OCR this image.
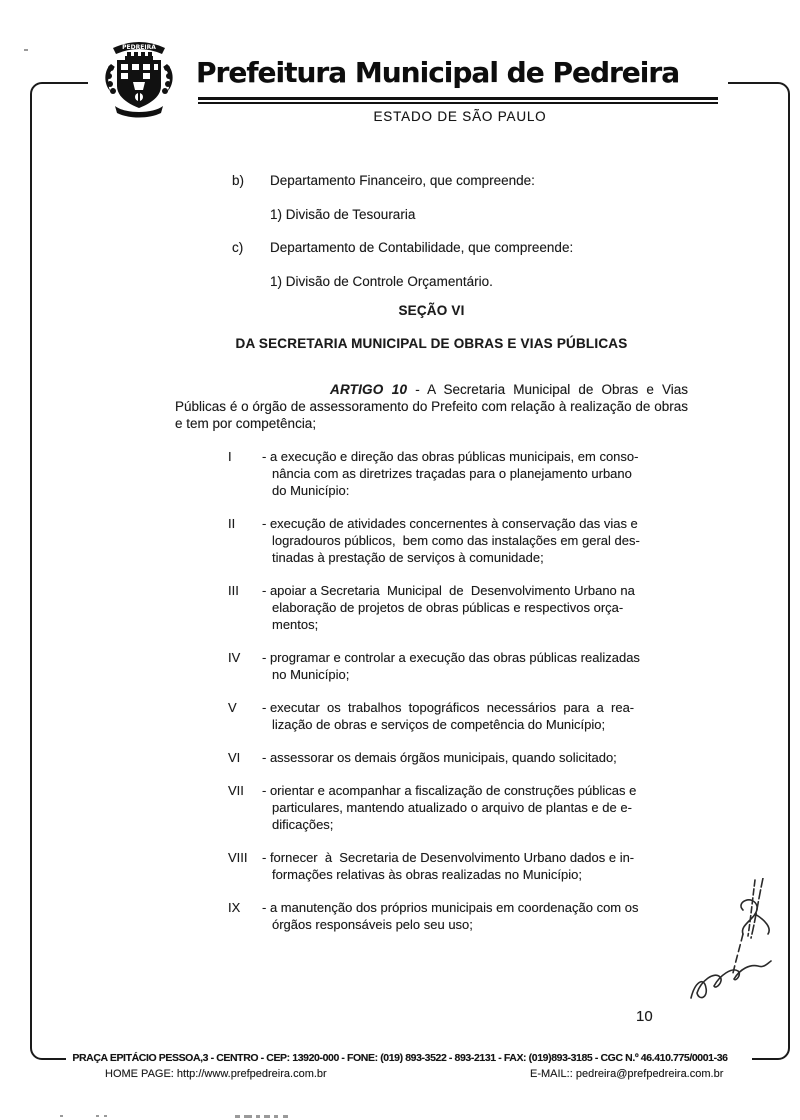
PEDREIRA
PEDREIRA
Prefeitura Municipal de Pedreira
ESTADO DE SÃO PAULO
b)	Departamento Financeiro, que compreende:
1) Divisão de Tesouraria
c)	Departamento de Contabilidade, que compreende:
1) Divisão de Controle Orçamentário.
SEÇÃO VI
DA SECRETARIA MUNICIPAL DE OBRAS E VIAS PÚBLICAS

ARTIGO 10 - A Secretaria Municipal de Obras e Vias Públicas é o órgão de assessoramento do Prefeito com relação à realização de obras e tem por competência;

I	- a execução e direção das obras públicas municipais, em conso-
nância com as diretrizes traçadas para o planejamento urbano
do Município:
II	- execução de atividades concernentes à conservação das vias e
logradouros públicos,  bem como das instalações em geral des-
tinadas à prestação de serviços à comunidade;
III	- apoiar a Secretaria  Municipal  de  Desenvolvimento Urbano na
elaboração de projetos de obras públicas e respectivos orça-
mentos;
IV	- programar e controlar a execução das obras públicas realizadas
no Município;
V	- executar  os  trabalhos  topográficos  necessários  para  a  rea-
lização de obras e serviços de competência do Município;
VI	- assessorar os demais órgãos municipais, quando solicitado;
VII	- orientar e acompanhar a fiscalização de construções públicas e
particulares, mantendo atualizado o arquivo de plantas e de e-
dificações;
VIII	- fornecer  à  Secretaria de Desenvolvimento Urbano dados e in-
formações relativas às obras realizadas no Município;
IX	- a manutenção dos próprios municipais em coordenação com os
órgãos responsáveis pelo seu uso;
10
PRAÇA EPITÁCIO PESSOA,3 - CENTRO - CEP: 13920-000 - FONE: (019) 893-3522 - 893-2131 - FAX: (019)893-3185 - CGC N.º 46.410.775/0001-36
HOME PAGE: http://www.prefpedreira.com.br	E-MAIL:: pedreira@prefpedreira.com.br
